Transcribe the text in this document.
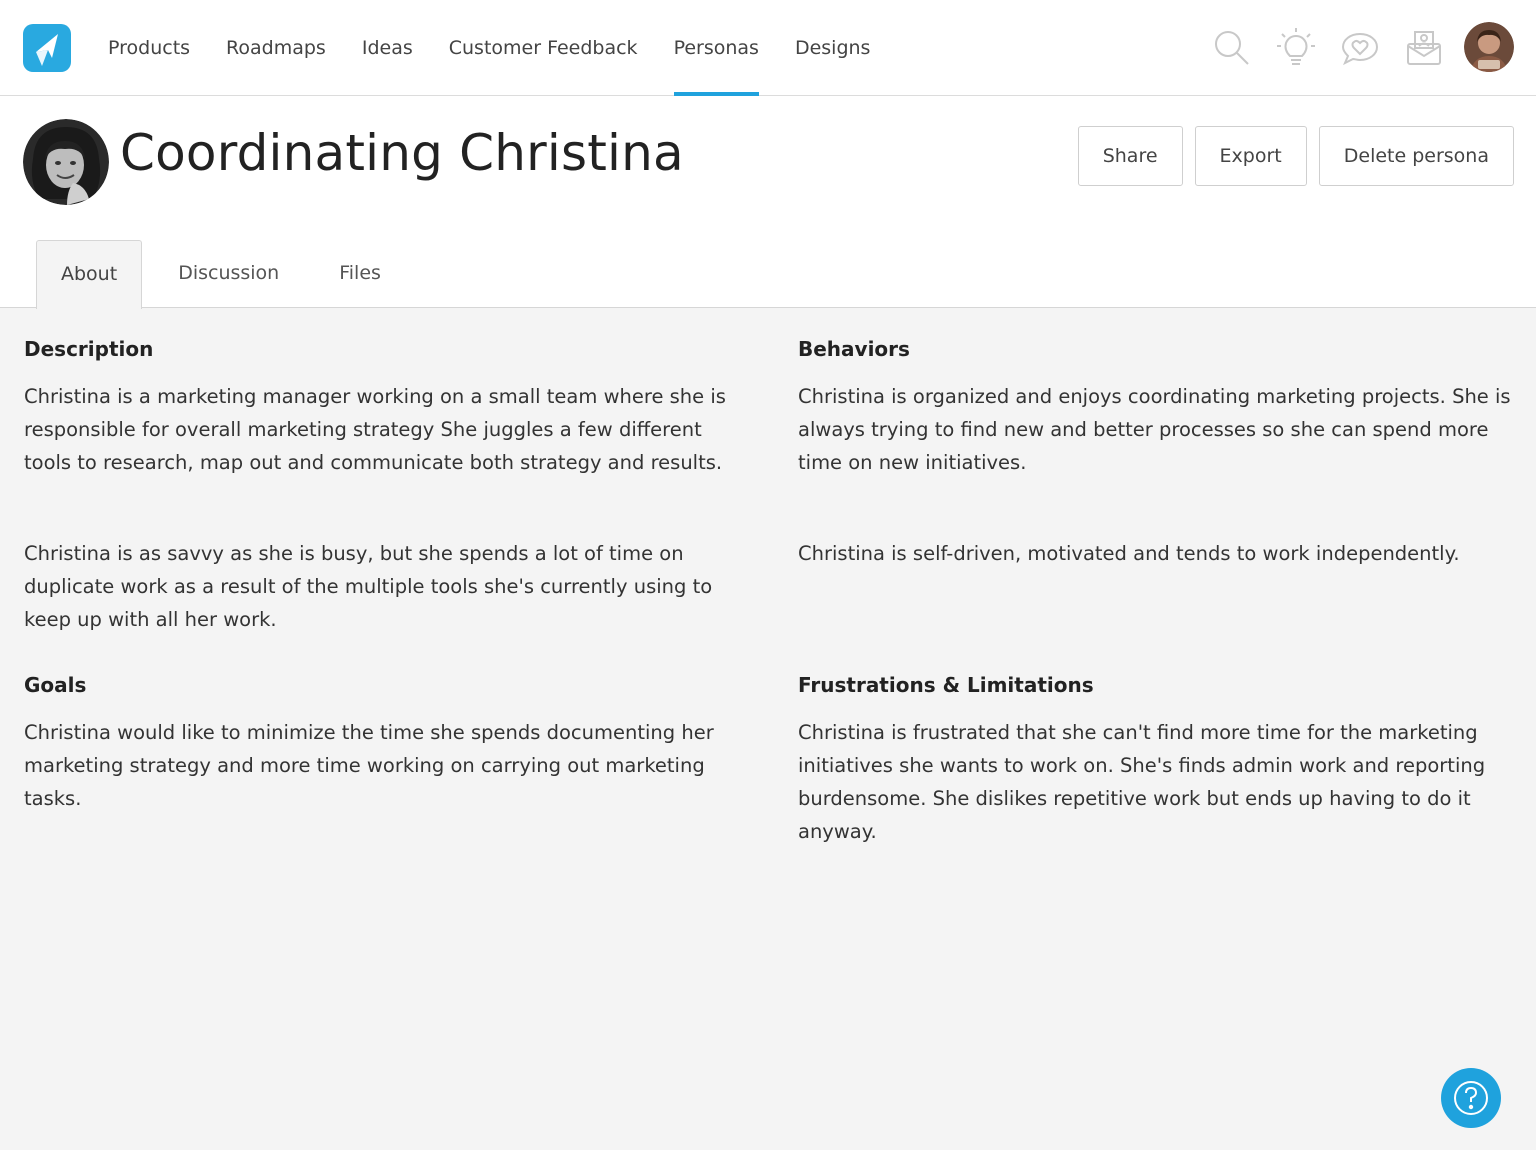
Products	Roadmaps	Ideas	Customer Feedback	Personas	Designs
Coordinating Christina	Share	Export	Delete persona
About	Discussion	Files
Description

Christina is a marketing manager working on a small team where she is responsible for overall marketing strategy She juggles a few different tools to research, map out and communicate both strategy and results.

Christina is as savvy as she is busy, but she spends a lot of time on duplicate work as a result of the multiple tools she's currently using to keep up with all her work.

Goals

Christina would like to minimize the time she spends documenting her marketing strategy and more time working on carrying out marketing tasks.

Behaviors

Christina is organized and enjoys coordinating marketing projects. She is always trying to find new and better processes so she can spend more time on new initiatives.

Christina is self-driven, motivated and tends to work independently.

Frustrations & Limitations

Christina is frustrated that she can't find more time for the marketing initiatives she wants to work on. She's finds admin work and reporting burdensome. She dislikes repetitive work but ends up having to do it anyway.
